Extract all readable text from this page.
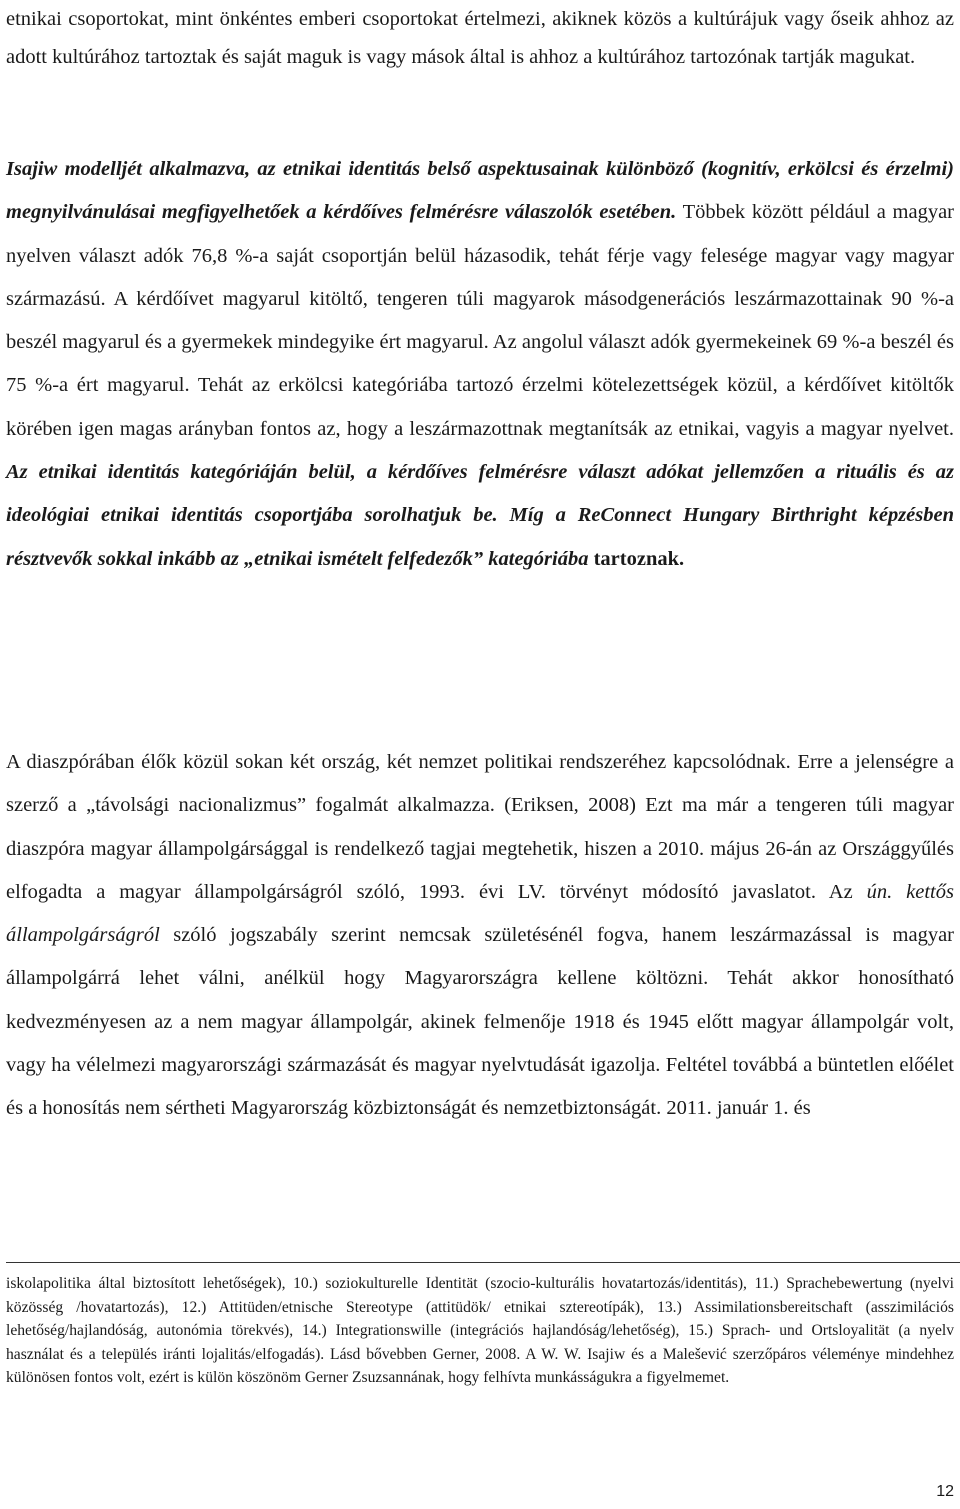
etnikai csoportokat, mint önkéntes emberi csoportokat értelmezi, akiknek közös a kultúrájuk vagy őseik ahhoz az adott kultúrához tartoztak és saját maguk is vagy mások által is ahhoz a kultúrához tartozónak tartják magukat.

Isajiw modelljét alkalmazva, az etnikai identitás belső aspektusainak különböző (kognitív, erkölcsi és érzelmi) megnyilvánulásai megfigyelhetőek a kérdőíves felmérésre válaszolók esetében. Többek között például a magyar nyelven választ adók 76,8 %-a saját csoportján belül házasodik, tehát férje vagy felesége magyar vagy magyar származású. A kérdőívet magyarul kitöltő, tengeren túli magyarok másodgenerációs leszármazottainak 90 %-a beszél magyarul és a gyermekek mindegyike ért magyarul. Az angolul választ adók gyermekeinek 69 %-a beszél és 75 %-a ért magyarul. Tehát az erkölcsi kategóriába tartozó érzelmi kötelezettségek közül, a kérdőívet kitöltők körében igen magas arányban fontos az, hogy a leszármazottnak megtanítsák az etnikai, vagyis a magyar nyelvet. Az etnikai identitás kategóriáján belül, a kérdőíves felmérésre választ adókat jellemzően a rituális és az ideológiai etnikai identitás csoportjába sorolhatjuk be. Míg a ReConnect Hungary Birthright képzésben résztvevők sokkal inkább az „etnikai ismételt felfedezők” kategóriába tartoznak.

A diaszpórában élők közül sokan két ország, két nemzet politikai rendszeréhez kapcsolódnak. Erre a jelenségre a szerző a „távolsági nacionalizmus” fogalmát alkalmazza. (Eriksen, 2008) Ezt ma már a tengeren túli magyar diaszpóra magyar állampolgársággal is rendelkező tagjai megtehetik, hiszen a 2010. május 26-án az Országgyűlés elfogadta a magyar állampolgárságról szóló, 1993. évi LV. törvényt módosító javaslatot. Az ún. kettős állampolgárságról szóló jogszabály szerint nemcsak születésénél fogva, hanem leszármazással is magyar állampolgárrá lehet válni, anélkül hogy Magyarországra kellene költözni. Tehát akkor honosítható kedvezményesen az a nem magyar állampolgár, akinek felmenője 1918 és 1945 előtt magyar állampolgár volt, vagy ha vélelmezi magyarországi származását és magyar nyelvtudását igazolja. Feltétel továbbá a büntetlen előélet és a honosítás nem sértheti Magyarország közbiztonságát és nemzetbiztonságát. 2011. január 1. és

iskolapolitika által biztosított lehetőségek), 10.) soziokulturelle Identität (szocio-kulturális hovatartozás/identitás), 11.) Sprachebewertung (nyelvi közösség /hovatartozás), 12.) Attitüden/etnische Stereotype (attitüdök/ etnikai sztereotípák), 13.) Assimilationsbereitschaft (asszimilációs lehetőség/hajlandóság, autonómia törekvés), 14.) Integrationswille (integrációs hajlandóság/lehetőség), 15.) Sprach- und Ortsloyalität (a nyelv használat és a település iránti lojalitás/elfogadás). Lásd bővebben Gerner, 2008. A W. W. Isajiw és a Malešević szerzőpáros véleménye mindehhez különösen fontos volt, ezért is külön köszönöm Gerner Zsuzsannának, hogy felhívta munkásságukra a figyelmemet.

12
